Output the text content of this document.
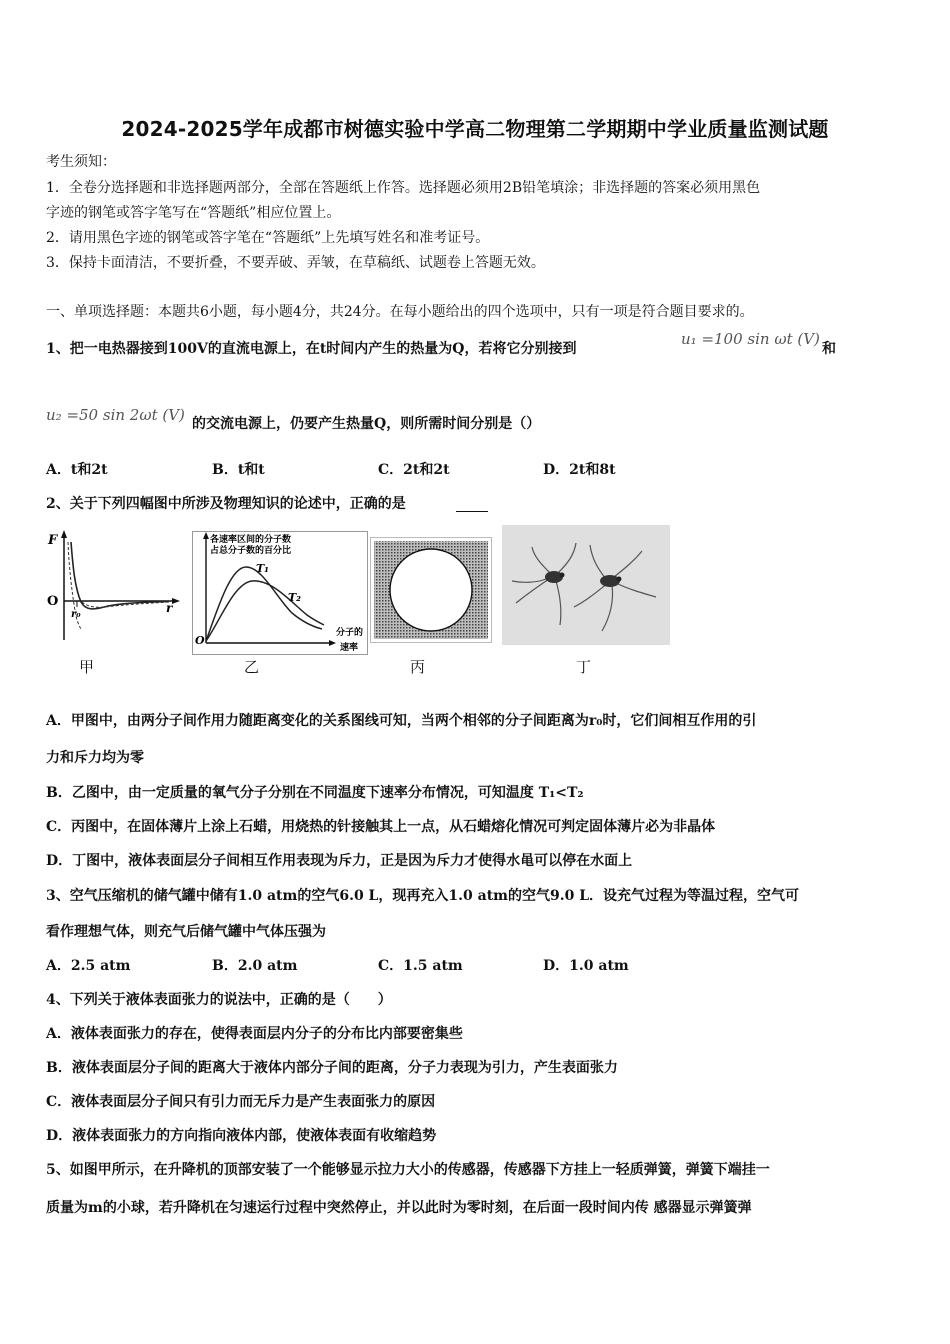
2024-2025学年成都市树德实验中学高二物理第二学期期中学业质量监测试题
考生须知：
1．全卷分选择题和非选择题两部分，全部在答题纸上作答。选择题必须用2B铅笔填涂；非选择题的答案必须用黑色
字迹的钢笔或答字笔写在“答题纸”相应位置上。
2．请用黑色字迹的钢笔或答字笔在“答题纸”上先填写姓名和准考证号。
3．保持卡面清洁，不要折叠，不要弄破、弄皱，在草稿纸、试题卷上答题无效。
一、单项选择题：本题共6小题，每小题4分，共24分。在每小题给出的四个选项中，只有一项是符合题目要求的。
1、把一电热器接到100V的直流电源上，在t时间内产生的热量为Q，若将它分别接到
u₁ =100 sin ωt (V)
和
u₂ =50 sin 2ωt (V) 的交流电源上，仍要产生热量Q，则所需时间分别是（）
A．t和2t	B．t和t	C．2t和2t	D．2t和8t
2、关于下列四幅图中所涉及物理知识的论述中，正确的是
F
O	r
r₀
各速率区间的分子数
占总分子数的百分比
T₁
T₂
O
分子的
速率
甲	乙	丙	丁
A．甲图中，由两分子间作用力随距离变化的关系图线可知，当两个相邻的分子间距离为r₀时，它们间相互作用的引
力和斥力均为零
B．乙图中，由一定质量的氧气分子分别在不同温度下速率分布情况，可知温度 T₁<T₂
C．丙图中，在固体薄片上涂上石蜡，用烧热的针接触其上一点，从石蜡熔化情况可判定固体薄片必为非晶体
D．丁图中，液体表面层分子间相互作用表现为斥力，正是因为斥力才使得水黾可以停在水面上
3、空气压缩机的储气罐中储有1.0 atm的空气6.0 L，现再充入1.0 atm的空气9.0 L．设充气过程为等温过程，空气可
看作理想气体，则充气后储气罐中气体压强为
A．2.5 atm	B．2.0 atm	C．1.5 atm	D．1.0 atm
4、下列关于液体表面张力的说法中，正确的是（　　）
A．液体表面张力的存在，使得表面层内分子的分布比内部要密集些
B．液体表面层分子间的距离大于液体内部分子间的距离，分子力表现为引力，产生表面张力
C．液体表面层分子间只有引力而无斥力是产生表面张力的原因
D．液体表面张力的方向指向液体内部，使液体表面有收缩趋势
5、如图甲所示，在升降机的顶部安装了一个能够显示拉力大小的传感器，传感器下方挂上一轻质弹簧，弹簧下端挂一
质量为m的小球，若升降机在匀速运行过程中突然停止，并以此时为零时刻，在后面一段时间内传 感器显示弹簧弹
